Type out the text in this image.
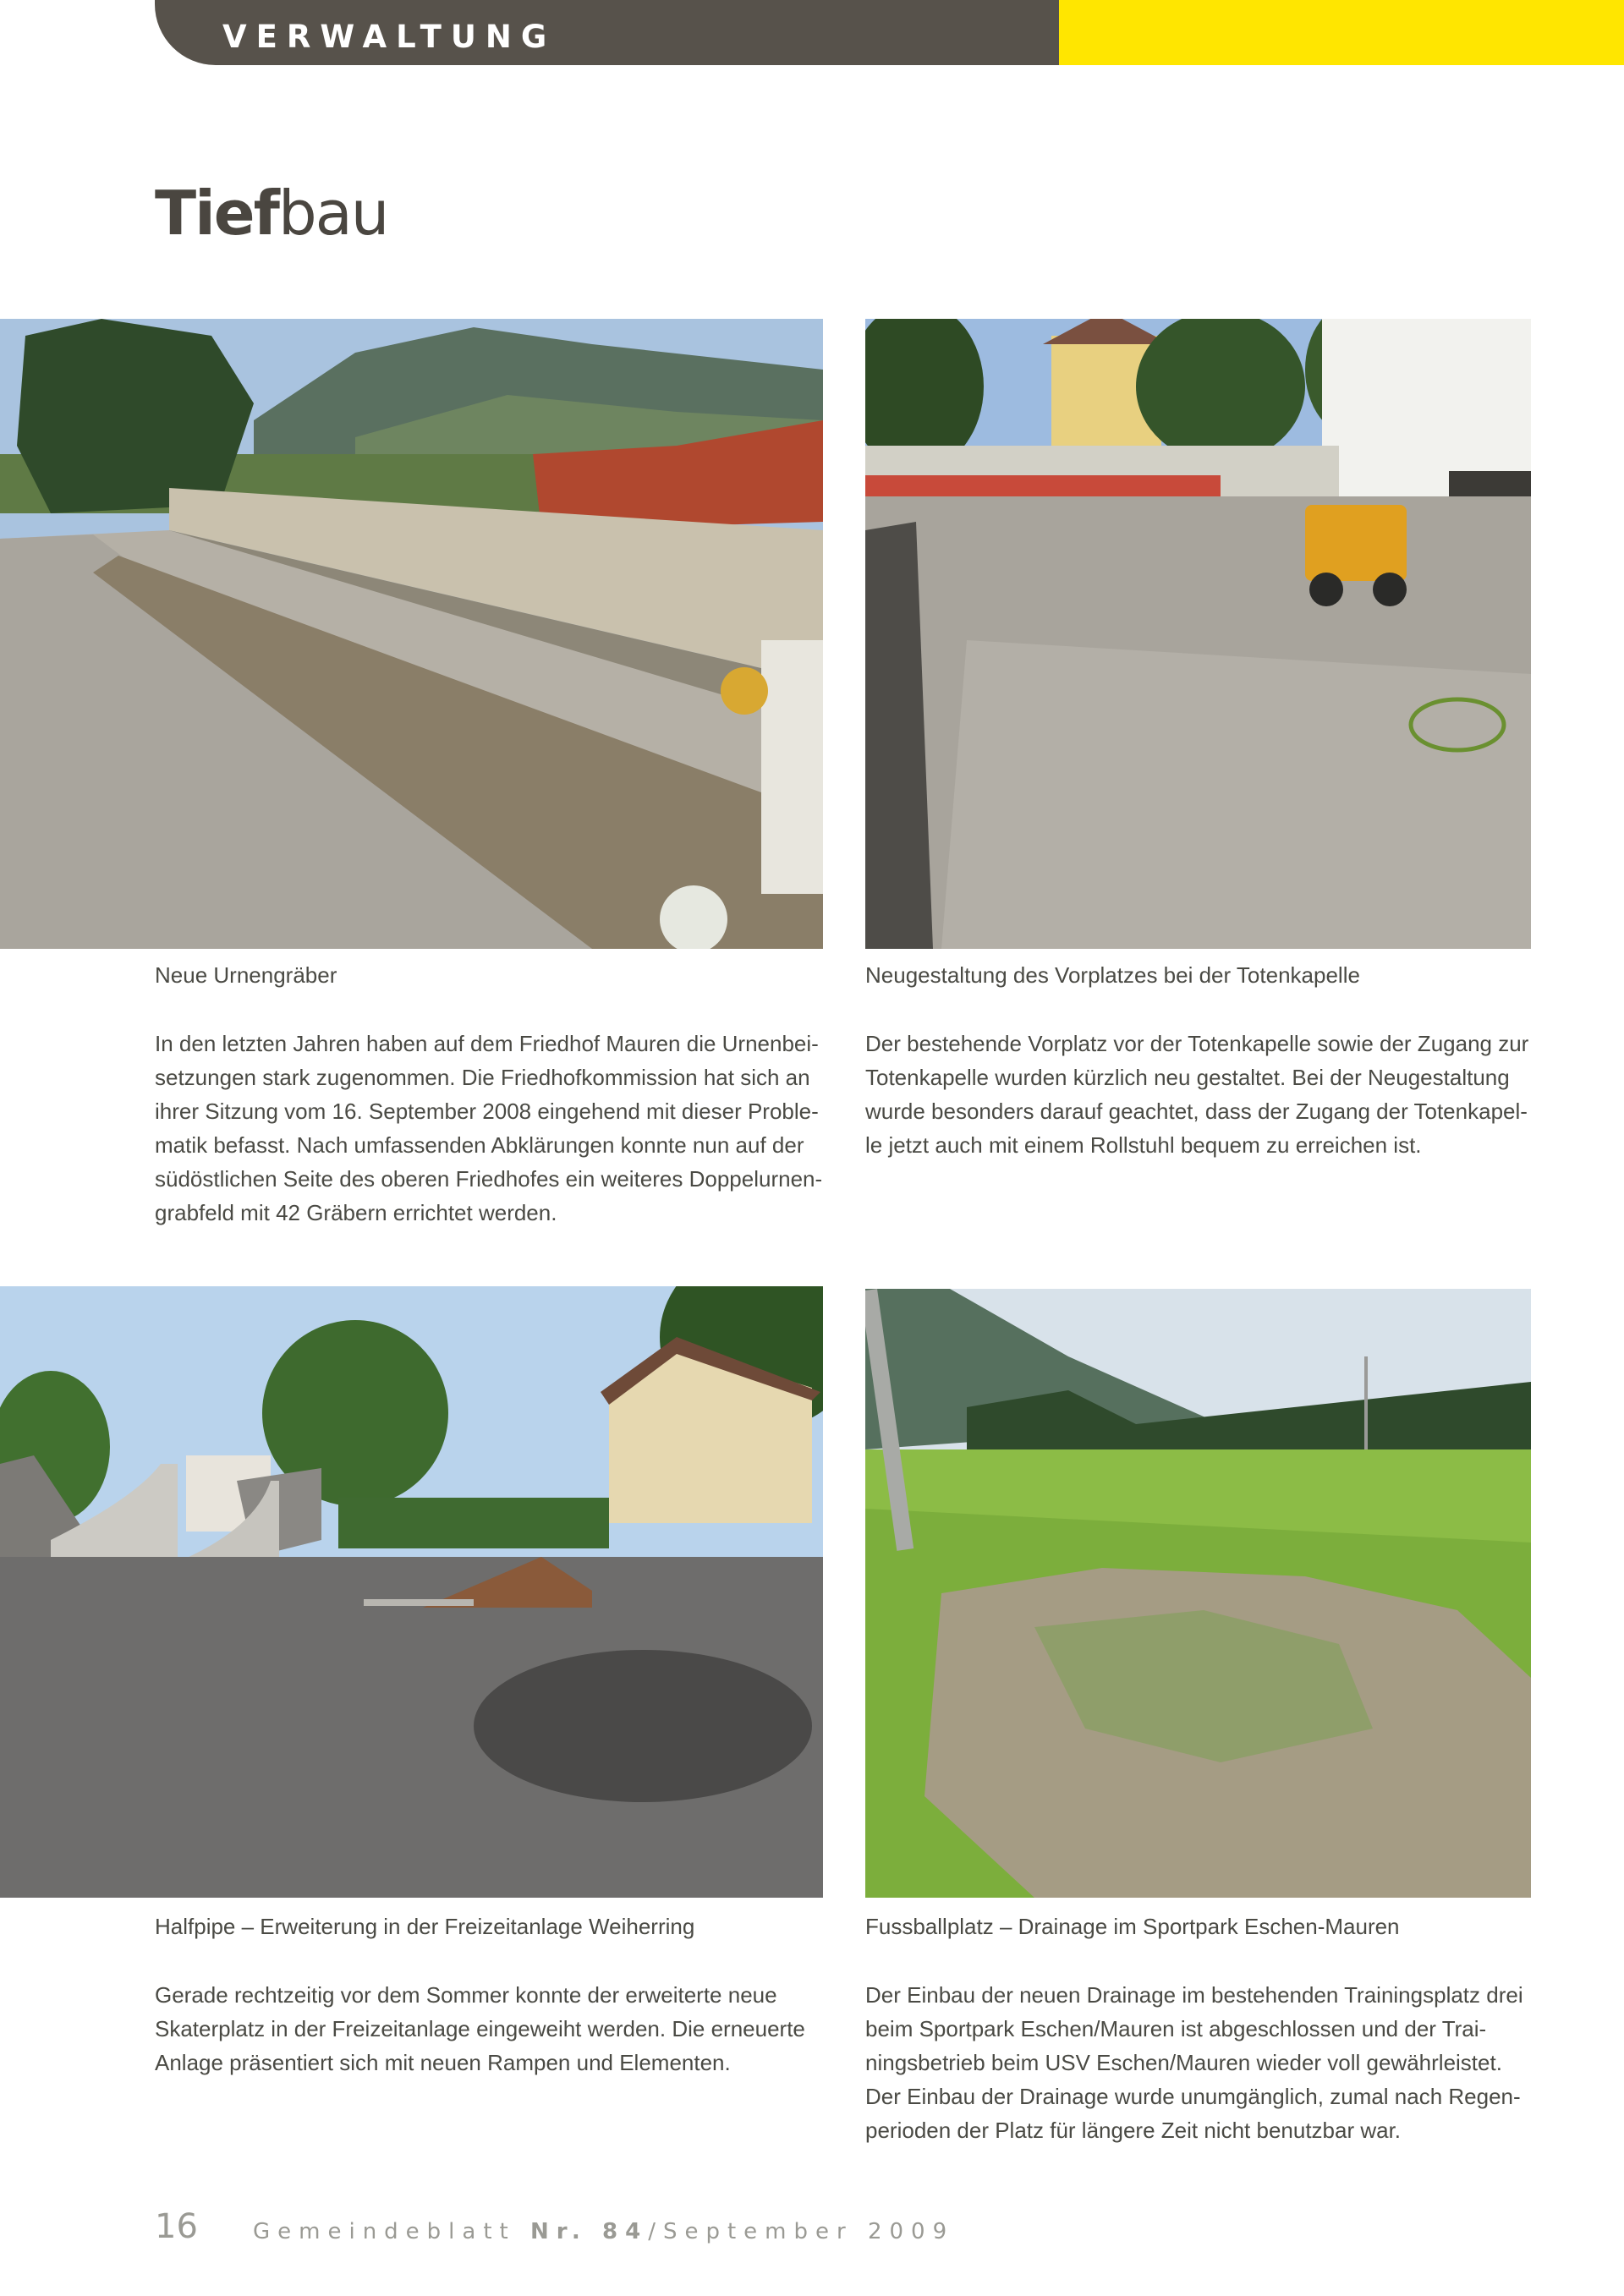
VERWALTUNG
Tiefbau
Neue Urnengräber
In den letzten Jahren haben auf dem Friedhof Mauren die Urnenbei-
setzungen stark zugenommen. Die Friedhofkommission hat sich an
ihrer Sitzung vom 16. September 2008 eingehend mit dieser Proble-
matik befasst. Nach umfassenden Abklärungen konnte nun auf der
südöstlichen Seite des oberen Friedhofes ein weiteres Doppelurnen-
grabfeld mit 42 Gräbern errichtet werden.
Neugestaltung des Vorplatzes bei der Totenkapelle
Der bestehende Vorplatz vor der Totenkapelle sowie der Zugang zur
Totenkapelle wurden kürzlich neu gestaltet. Bei der Neugestaltung
wurde besonders darauf geachtet, dass der Zugang der Totenkapel-
le jetzt auch mit einem Rollstuhl bequem zu erreichen ist.
Halfpipe – Erweiterung in der Freizeitanlage Weiherring
Gerade rechtzeitig vor dem Sommer konnte der erweiterte neue
Skaterplatz in der Freizeitanlage eingeweiht werden. Die erneuerte
Anlage präsentiert sich mit neuen Rampen und Elementen.
Fussballplatz – Drainage im Sportpark Eschen-Mauren
Der Einbau der neuen Drainage im bestehenden Trainingsplatz drei
beim Sportpark Eschen/Mauren ist abgeschlossen und der Trai-
ningsbetrieb beim USV Eschen/Mauren wieder voll gewährleistet.
Der Einbau der Drainage wurde unumgänglich, zumal nach Regen-
perioden der Platz für längere Zeit nicht benutzbar war.
16	Gemeindeblatt Nr. 84/September 2009
